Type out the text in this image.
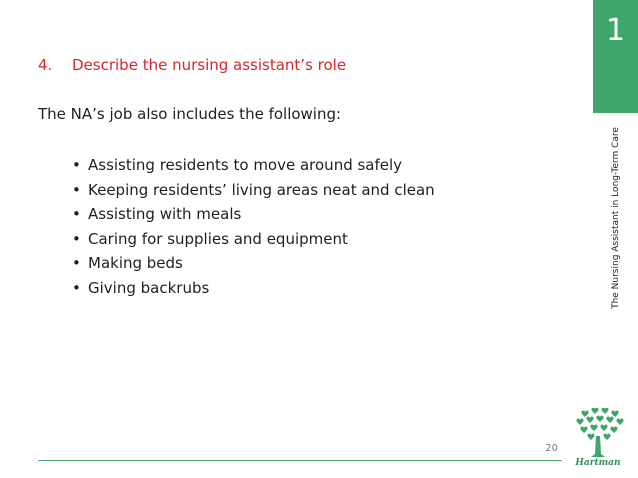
4. Describe the nursing assistant’s role
The NA’s job also includes the following:
• Assisting residents to move around safely
• Keeping residents’ living areas neat and clean
• Assisting with meals
• Caring for supplies and equipment
• Making beds
• Giving backrubs
1
The Nursing Assistant in Long-Term Care
20
Hartman
